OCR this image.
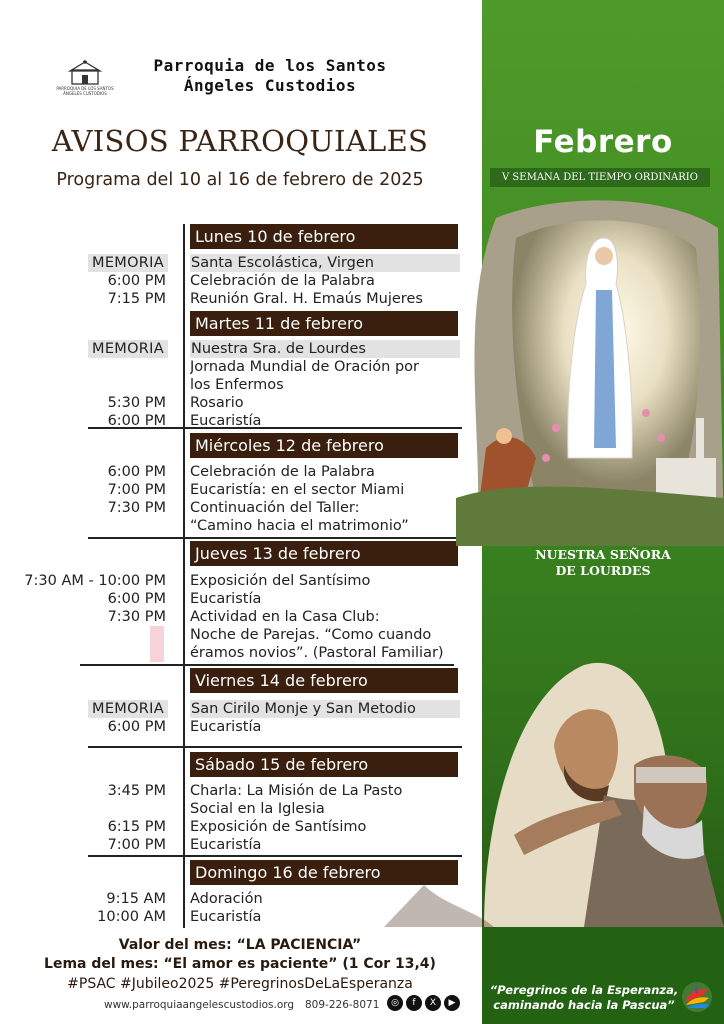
PARROQUIA DE LOS SANTOS ÁNGELES CUSTODIOS
Parroquia de los Santos
Ángeles Custodios
AVISOS PARROQUIALES
Programa del 10 al 16 de febrero de 2025
Lunes 10 de febrero
MEMORIA Santa Escolástica, Virgen
6:00 PM Celebración de la Palabra
7:15 PM Reunión Gral. H. Emaús Mujeres
Martes 11 de febrero
MEMORIA Nuestra Sra. de Lourdes
Jornada Mundial de Oración por
los Enfermos
5:30 PM Rosario
6:00 PM Eucaristía
Miércoles 12 de febrero
6:00 PM Celebración de la Palabra
7:00 PM Eucaristía: en el sector Miami
7:30 PM Continuación del Taller:
“Camino hacia el matrimonio”
Jueves 13 de febrero
7:30 AM - 10:00 PM Exposición del Santísimo
6:00 PM Eucaristía
7:30 PM Actividad en la Casa Club:
Noche de Parejas. “Como cuando
éramos novios”. (Pastoral Familiar)
Viernes 14 de febrero
MEMORIA San Cirilo Monje y San Metodio
6:00 PM Eucaristía
Sábado 15 de febrero
3:45 PM Charla: La Misión de La Pasto
Social en la Iglesia
6:15 PM Exposición de Santísimo
7:00 PM Eucaristía
Domingo 16 de febrero
9:15 AM Adoración
10:00 AM Eucaristía
Valor del mes: “LA PACIENCIA”
Lema del mes: “El amor es paciente” (1 Cor 13,4)
#PSAC #Jubileo2025 #PeregrinosDeLaEsperanza
www.parroquiaangelescustodios.org 809-226-8071	◎	f	X	▶
Febrero
V SEMANA DEL TIEMPO ORDINARIO
NUESTRA SEÑORA
DE LOURDES
“Peregrinos de la Esperanza,
caminando hacia la Pascua”
